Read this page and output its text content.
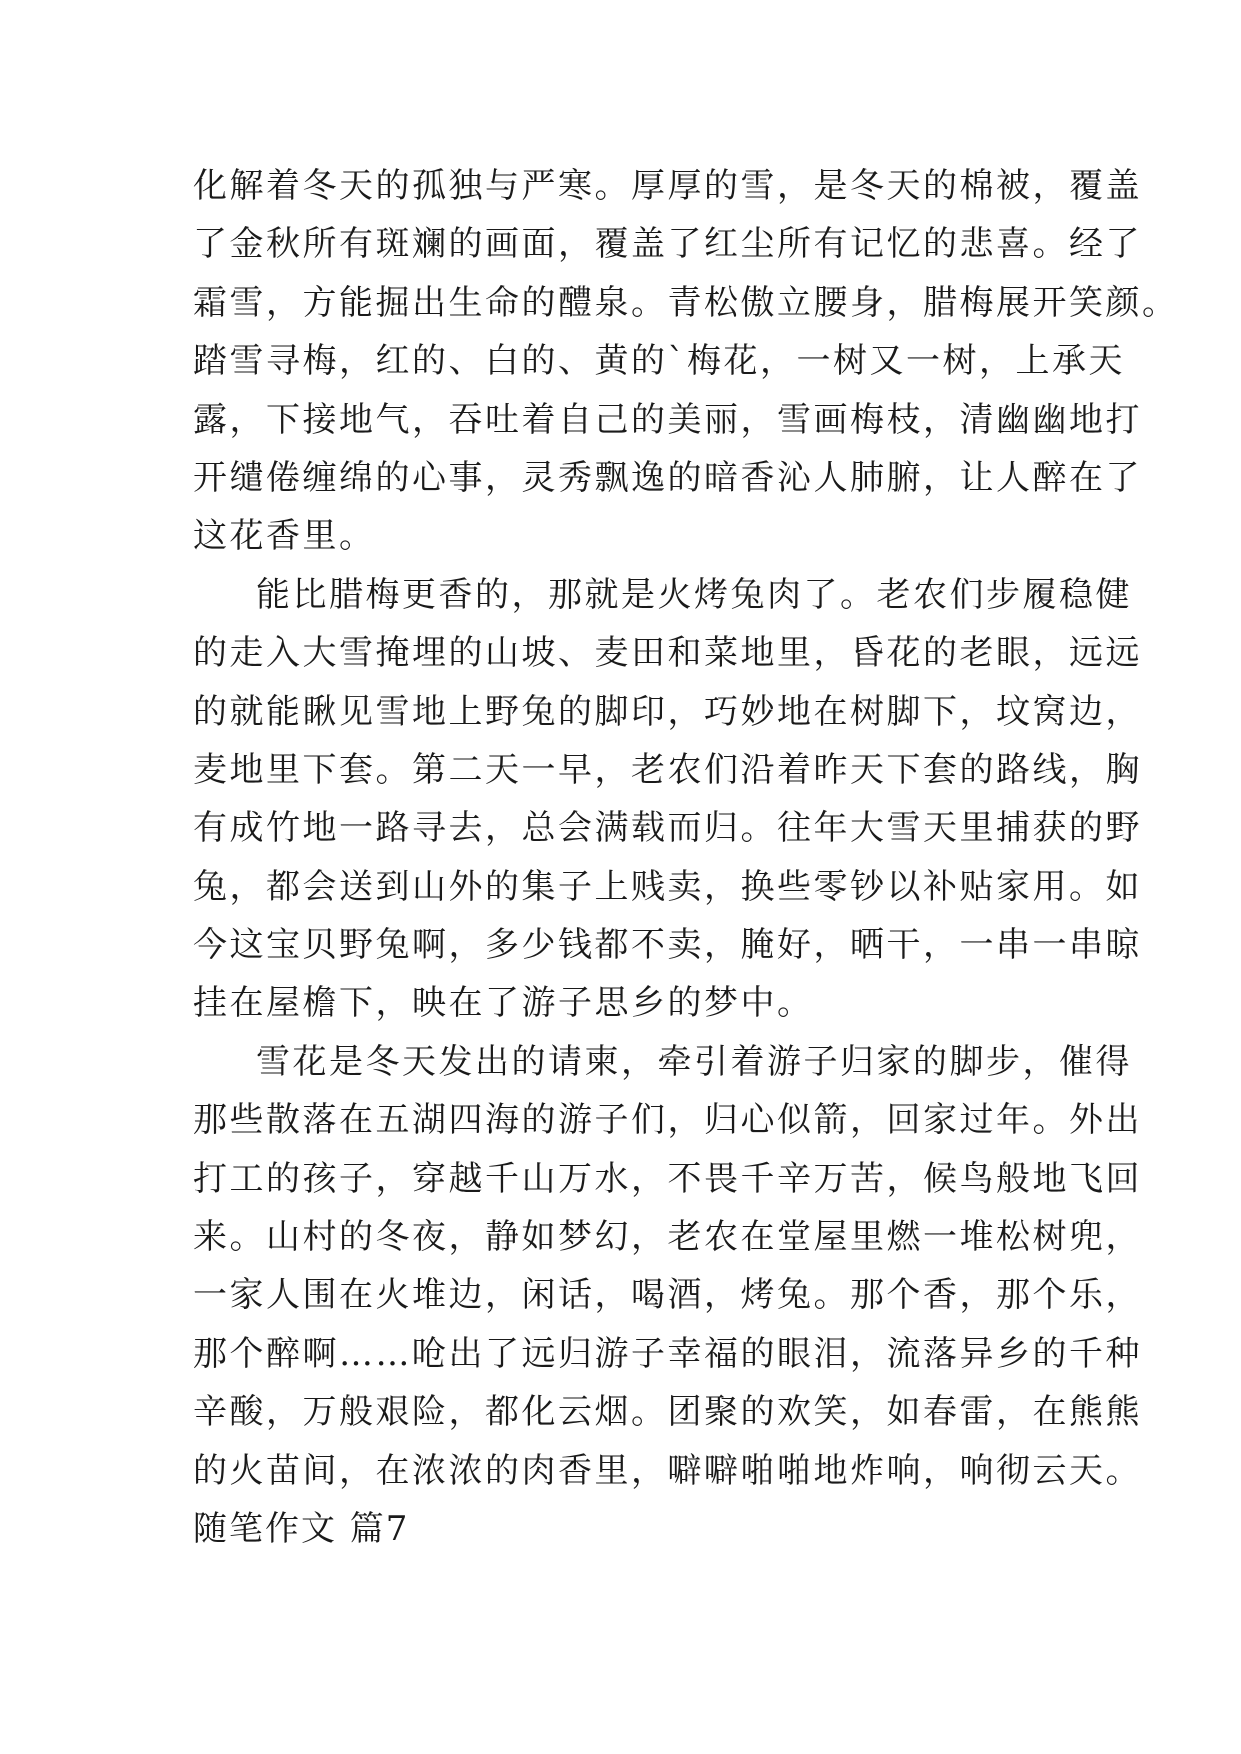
化解着冬天的孤独与严寒。厚厚的雪，是冬天的棉被，覆盖
了金秋所有斑斓的画面，覆盖了红尘所有记忆的悲喜。经了
霜雪，方能掘出生命的醴泉。青松傲立腰身，腊梅展开笑颜。
踏雪寻梅，红的、白的、黄的`梅花，一树又一树，上承天
露，下接地气，吞吐着自己的美丽，雪画梅枝，清幽幽地打
开缱倦缠绵的心事，灵秀飘逸的暗香沁人肺腑，让人醉在了
这花香里。
能比腊梅更香的，那就是火烤兔肉了。老农们步履稳健
的走入大雪掩埋的山坡、麦田和菜地里，昏花的老眼，远远
的就能瞅见雪地上野兔的脚印，巧妙地在树脚下，坟窝边，
麦地里下套。第二天一早，老农们沿着昨天下套的路线，胸
有成竹地一路寻去，总会满载而归。往年大雪天里捕获的野
兔，都会送到山外的集子上贱卖，换些零钞以补贴家用。如
今这宝贝野兔啊，多少钱都不卖，腌好，晒干，一串一串晾
挂在屋檐下，映在了游子思乡的梦中。
雪花是冬天发出的请柬，牵引着游子归家的脚步，催得
那些散落在五湖四海的游子们，归心似箭，回家过年。外出
打工的孩子，穿越千山万水，不畏千辛万苦，候鸟般地飞回
来。山村的冬夜，静如梦幻，老农在堂屋里燃一堆松树兜，
一家人围在火堆边，闲话，喝酒，烤兔。那个香，那个乐，
那个醉啊……呛出了远归游子幸福的眼泪，流落异乡的千种
辛酸，万般艰险，都化云烟。团聚的欢笑，如春雷，在熊熊
的火苗间，在浓浓的肉香里，噼噼啪啪地炸响，响彻云天。
随笔作文 篇7
